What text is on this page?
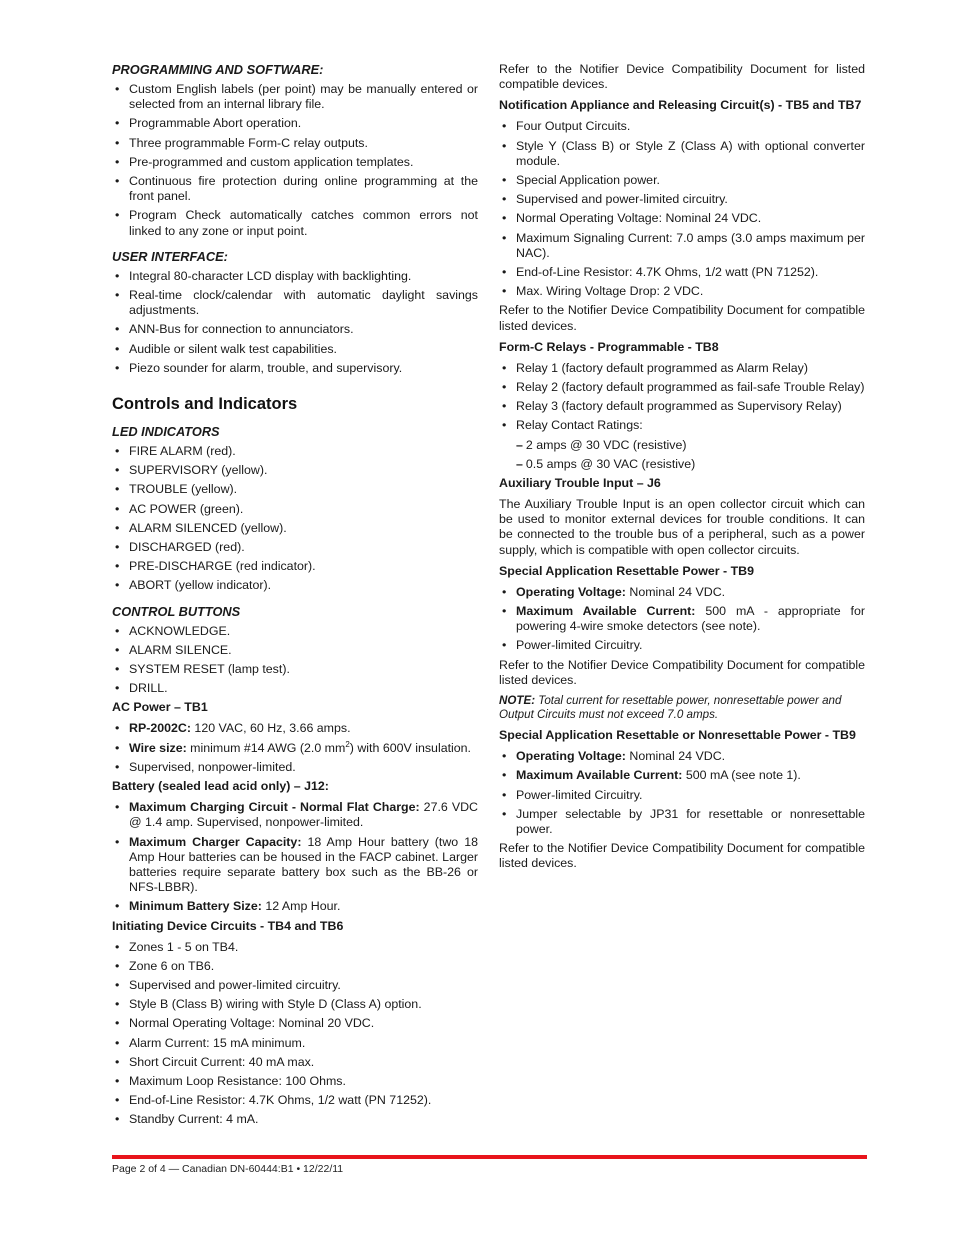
PROGRAMMING AND SOFTWARE:
• Custom English labels (per point) may be manually entered or selected from an internal library file.
• Programmable Abort operation.
• Three programmable Form-C relay outputs.
• Pre-programmed and custom application templates.
• Continuous fire protection during online programming at the front panel.
• Program Check automatically catches common errors not linked to any zone or input point.
USER INTERFACE:
• Integral 80-character LCD display with backlighting.
• Real-time clock/calendar with automatic daylight savings adjustments.
• ANN-Bus for connection to annunciators.
• Audible or silent walk test capabilities.
• Piezo sounder for alarm, trouble, and supervisory.
Controls and Indicators
LED INDICATORS
• FIRE ALARM (red).
• SUPERVISORY (yellow).
• TROUBLE (yellow).
• AC POWER (green).
• ALARM SILENCED (yellow).
• DISCHARGED (red).
• PRE-DISCHARGE (red indicator).
• ABORT (yellow indicator).
CONTROL BUTTONS
• ACKNOWLEDGE.
• ALARM SILENCE.
• SYSTEM RESET (lamp test).
• DRILL.
AC Power – TB1
• RP-2002C: 120 VAC, 60 Hz, 3.66 amps.
• Wire size: minimum #14 AWG (2.0 $mm^2$) with 600V insulation.
• Supervised, nonpower-limited.
Battery (sealed lead acid only) – J12:
• Maximum Charging Circuit - Normal Flat Charge: 27.6 VDC @ 1.4 amp. Supervised, nonpower-limited.
• Maximum Charger Capacity: 18 Amp Hour battery (two 18 Amp Hour batteries can be housed in the FACP cabinet. Larger batteries require separate battery box such as the BB-26 or NFS-LBBR).
• Minimum Battery Size: 12 Amp Hour.
Initiating Device Circuits - TB4 and TB6
• Zones 1 - 5 on TB4.
• Zone 6 on TB6.
• Supervised and power-limited circuitry.
• Style B (Class B) wiring with Style D (Class A) option.
• Normal Operating Voltage: Nominal 20 VDC.
• Alarm Current: 15 mA minimum.
• Short Circuit Current: 40 mA max.
• Maximum Loop Resistance: 100 Ohms.
• End-of-Line Resistor: 4.7K Ohms, 1/2 watt (PN 71252).
• Standby Current: 4 mA.

Refer to the Notifier Device Compatibility Document for listed compatible devices.

Notification Appliance and Releasing Circuit(s) - TB5 and TB7
• Four Output Circuits.
• Style Y (Class B) or Style Z (Class A) with optional converter module.
• Special Application power.
• Supervised and power-limited circuitry.
• Normal Operating Voltage: Nominal 24 VDC.
• Maximum Signaling Current: 7.0 amps (3.0 amps maximum per NAC).
• End-of-Line Resistor: 4.7K Ohms, 1/2 watt (PN 71252).
• Max. Wiring Voltage Drop: 2 VDC.

Refer to the Notifier Device Compatibility Document for compatible listed devices.

Form-C Relays - Programmable - TB8
• Relay 1 (factory default programmed as Alarm Relay)
• Relay 2 (factory default programmed as fail-safe Trouble Relay)
• Relay 3 (factory default programmed as Supervisory Relay)
• Relay Contact Ratings:
– 2 amps @ 30 VDC (resistive)
– 0.5 amps @ 30 VAC (resistive)
Auxiliary Trouble Input – J6

The Auxiliary Trouble Input is an open collector circuit which can be used to monitor external devices for trouble conditions. It can be connected to the trouble bus of a peripheral, such as a power supply, which is compatible with open collector circuits.

Special Application Resettable Power - TB9
• Operating Voltage: Nominal 24 VDC.
• Maximum Available Current: 500 mA - appropriate for powering 4-wire smoke detectors (see note).
• Power-limited Circuitry.

Refer to the Notifier Device Compatibility Document for compatible listed devices.

NOTE: Total current for resettable power, nonresettable power and Output Circuits must not exceed 7.0 amps.

Special Application Resettable or Nonresettable Power - TB9
• Operating Voltage: Nominal 24 VDC.
• Maximum Available Current: 500 mA (see note 1).
• Power-limited Circuitry.
• Jumper selectable by JP31 for resettable or nonresettable power.

Refer to the Notifier Device Compatibility Document for compatible listed devices.

Page 2 of 4 — Canadian DN-60444:B1 • 12/22/11
